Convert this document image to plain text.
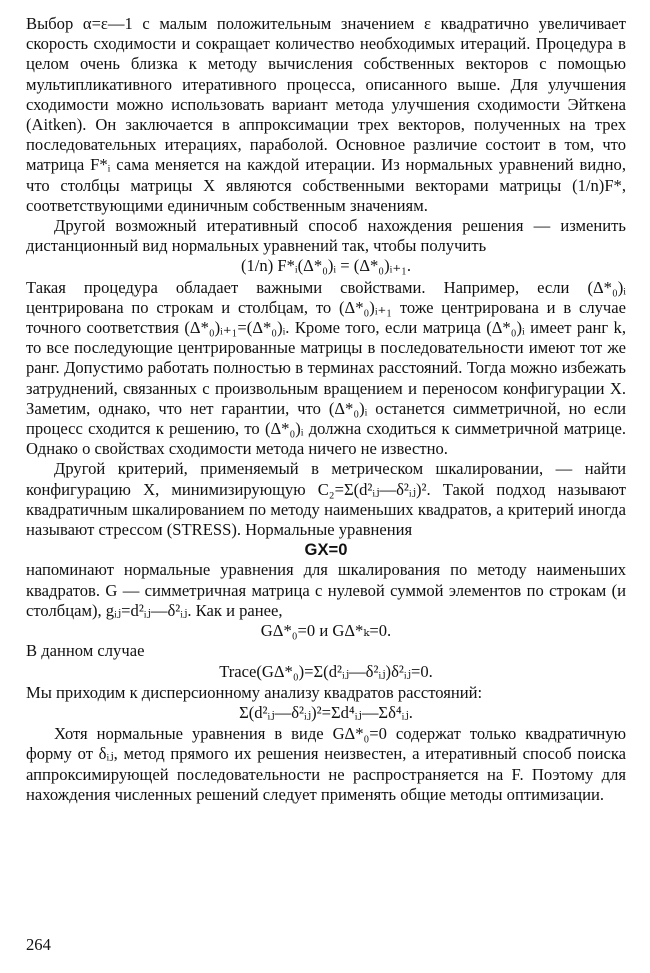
Выбор α=ε—1 с малым положительным значением ε квадратично увеличивает скорость сходимости и сокращает количество необходимых итераций. Процедура в целом очень близка к методу вычисления собственных векторов с помощью мультипликативного итеративного процесса, описанного выше. Для улучшения сходимости можно использовать вариант метода улучшения сходимости Эйткена (Aitken). Он заключается в аппроксимации трех векторов, полученных на трех последовательных итерациях, параболой. Основное различие состоит в том, что матрица F*ᵢ сама меняется на каждой итерации. Из нормальных уравнений видно, что столбцы матрицы X являются собственными векторами матрицы (1/n)F*, соответствующими единичным собственным значениям.

Другой возможный итеративный способ нахождения решения — изменить дистанционный вид нормальных уравнений так, чтобы получить

(1/n) F*ᵢ(Δ*₀)ᵢ = (Δ*₀)ᵢ₊₁.

Такая процедура обладает важными свойствами. Например, если (Δ*₀)ᵢ центрирована по строкам и столбцам, то (Δ*₀)ᵢ₊₁ тоже центрирована и в случае точного соответствия (Δ*₀)ᵢ₊₁=(Δ*₀)ᵢ. Кроме того, если матрица (Δ*₀)ᵢ имеет ранг k, то все последующие центрированные матрицы в последовательности имеют тот же ранг. Допустимо работать полностью в терминах расстояний. Тогда можно избежать затруднений, связанных с произвольным вращением и переносом конфигурации X. Заметим, однако, что нет гарантии, что (Δ*₀)ᵢ останется симметричной, но если процесс сходится к решению, то (Δ*₀)ᵢ должна сходиться к симметричной матрице. Однако о свойствах сходимости метода ничего не известно.

Другой критерий, применяемый в метрическом шкалировании, — найти конфигурацию X, минимизирующую C₂=Σ(d²ᵢⱼ—δ²ᵢⱼ)². Такой подход называют квадратичным шкалированием по методу наименьших квадратов, а критерий иногда называют стрессом (STRESS). Нормальные уравнения

GX=0

напоминают нормальные уравнения для шкалирования по методу наименьших квадратов. G — симметричная матрица с нулевой суммой элементов по строкам (и столбцам), gᵢⱼ=d²ᵢⱼ—δ²ᵢⱼ. Как и ранее,

GΔ*₀=0 и GΔ*ₖ=0.

В данном случае

Trace(GΔ*₀)=Σ(d²ᵢⱼ—δ²ᵢⱼ)δ²ᵢⱼ=0.

Мы приходим к дисперсионному анализу квадратов расстояний:

Σ(d²ᵢⱼ—δ²ᵢⱼ)²=Σd⁴ᵢⱼ—Σδ⁴ᵢⱼ.

Хотя нормальные уравнения в виде GΔ*₀=0 содержат только квадратичную форму от δᵢⱼ, метод прямого их решения неизвестен, а итеративный способ поиска аппроксимирующей последовательности не распространяется на F. Поэтому для нахождения численных решений следует применять общие методы оптимизации.

264
